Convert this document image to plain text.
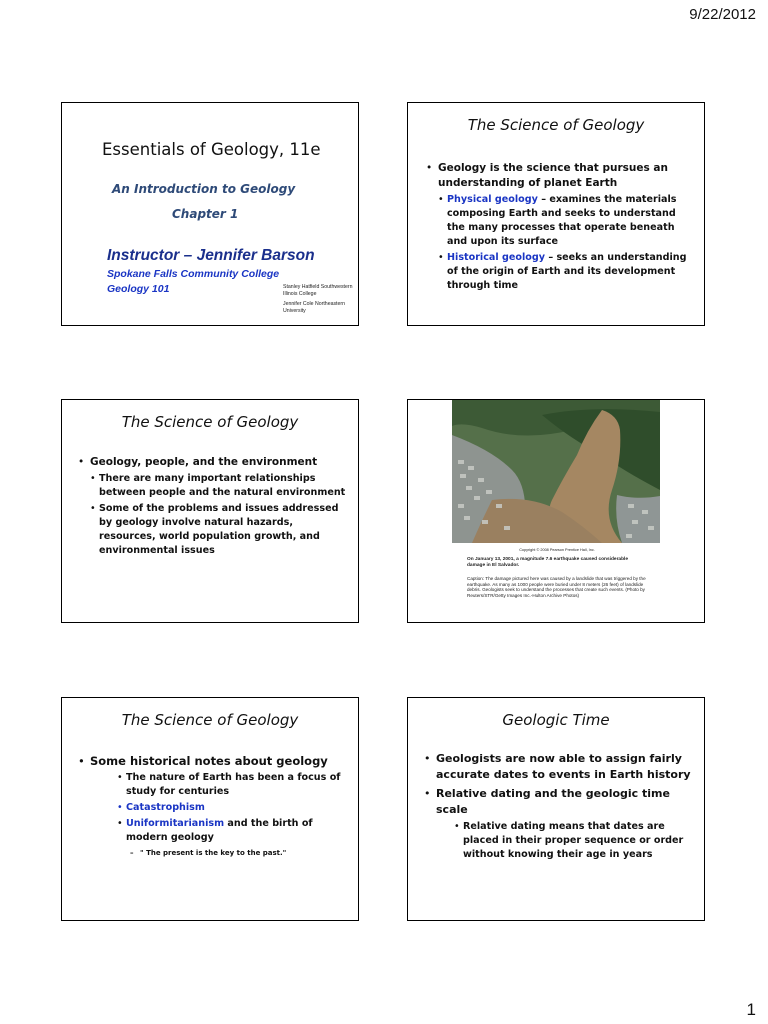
9/22/2012
Essentials of Geology, 11e
An Introduction to Geology
Chapter 1
Instructor – Jennifer Barson
Spokane Falls Community College
Geology 101	Stanley Hatfield Southwestern Illinois College
Jennifer Cole Northeastern University
The Science of Geology
• Geology is the science that pursues an understanding of planet Earth
• Physical geology – examines the materials composing Earth and seeks to understand the many processes that operate beneath and upon its surface
• Historical geology – seeks an understanding of the origin of Earth and its development through time
The Science of Geology
• Geology, people, and the environment
• There are many important relationships between people and the natural environment
• Some of the problems and issues addressed by geology involve natural hazards, resources, world population growth, and environmental issues	Copyright © 2008 Pearson Prentice Hall, Inc.
On January 13, 2001, a magnitude 7.6 earthquake caused considerable damage in El Salvador.
Caption: The damage pictured here was caused by a landslide that was triggered by the earthquake. As many as 1000 people were buried under 8 meters (26 feet) of landslide debris. Geologists seek to understand the processes that create such events. (Photo by Reuters/STR/Getty Images Inc.-Hulton Archive Photos)
The Science of Geology
• Some historical notes about geology
• The nature of Earth has been a focus of study for centuries
• Catastrophism
• Uniformitarianism and the birth of modern geology
– " The present is the key to the past."
Geologic Time
• Geologists are now able to assign fairly accurate dates to events in Earth history
• Relative dating and the geologic time scale
• Relative dating means that dates are placed in their proper sequence or order without knowing their age in years
1
